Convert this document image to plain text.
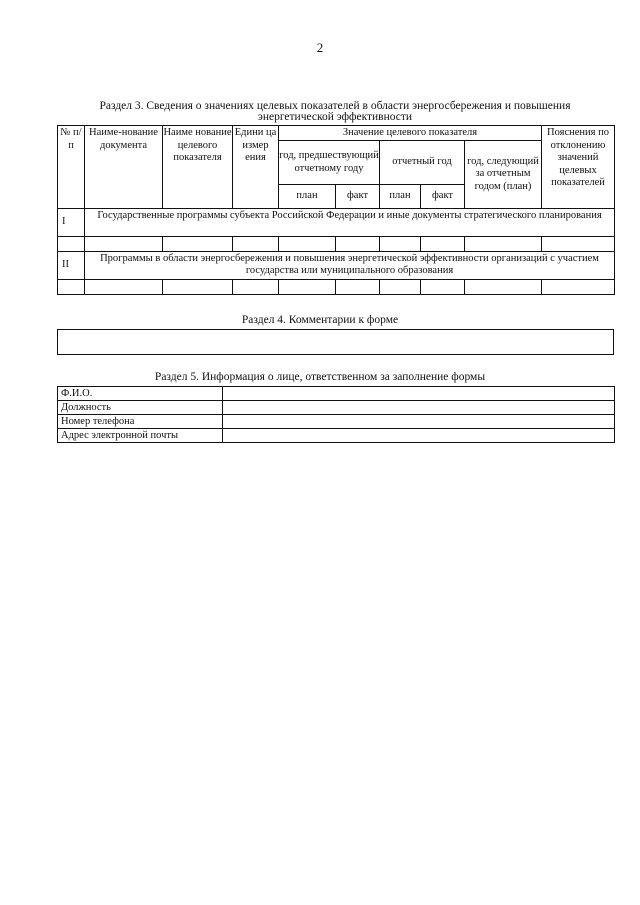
2
Раздел 3. Сведения о значениях целевых показателей в области энергосбережения и повышения
энергетической эффективности
№ п/п	Наиме-нование документа	Наиме нование целевого показателя	Едини ца измер ения	Значение целевого показателя					Пояснения по отклонению значений целевых показателей
				год, предшествующий отчетному году		отчетный год		год, следующий за отчетным годом (план)	
				план	факт	план	факт		
I	Государственные программы субъекта Российской Федерации и иные документы стратегического планирования								

II	Программы в области энергосбережения и повышения энергетической эффективности организаций с участием государства или муниципального образования								

Раздел 4. Комментарии к форме
Раздел 5. Информация о лице, ответственном за заполнение формы
Ф.И.О.	
Должность	
Номер телефона	
Адрес электронной почты	
